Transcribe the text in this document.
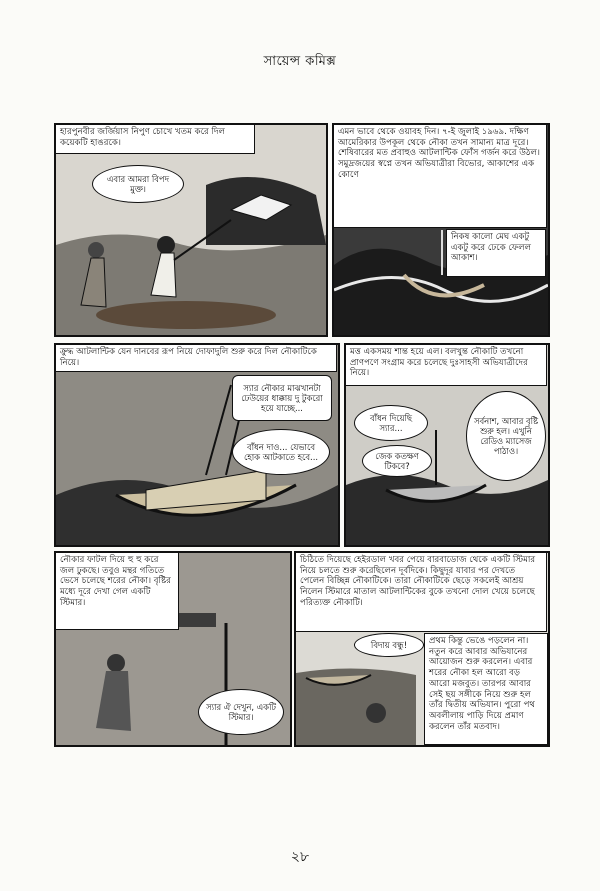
সায়েন্স কমিক্স
হারপুনবীর জর্জিয়াস নিপুণ চোখে খতম করে দিল কয়েকটি হাঙরকে।
এবার আমরা বিপদ মুক্ত।
এমন ভাবে থেকে ওয়াবহ দিন। ৭-ই জুলাই ১৯৬৯. দক্ষিণ আমেরিকার উপকূল থেকে নৌকা তখন সামান্য মাত্র দূরে। শেষিবারের মত প্রবাহুও আটলান্টিক ফোঁস গর্জন করে উঠল। সমুদ্রজয়ের স্বপ্নে তখন অভিযাত্রীরা বিভোর, আকাশের এক কোণে
নিকষ কালো মেঘ একটু একটু করে ঢেকে ফেলল আকাশ।
ক্রুদ্ধ আটলান্টিক যেন দানবের রূপ নিয়ে দোফাদুলি শুরু করে দিল নৌকাটিকে নিয়ে।
স্যার নৌকার মাঝখানটা ঢেউয়ের ধাক্কায় দু টুকরো হয়ে যাচ্ছে...
বাঁধন দাও... যেভাবে হোক আটকাতে হবে...
মত্ত একসময় শান্ত হয়ে এল। বলখুন্ত নৌকাটি তখনো প্রাণপণে সংগ্রাম করে চলেছে দুঃসাহসী অভিযাত্রীদের নিয়ে।
বাঁধন দিয়েছি স্যার...
জেক কতক্ষণ টিকবে?
সর্বনাশ, আবার বৃষ্টি শুরু হল। এখুনি রেডিও ম্যাসেজ পাঠাও।
নৌকার ফাটল দিয়ে হু হু করে জল ঢুকছে। তবুও মন্থর গতিতে ভেসে চলেছে শরের নৌকা। বৃষ্টির মধ্যে দূরে দেখা গেল একটি স্টিমার।
স্যার ঐ দেখুন, একটি স্টিমার।
চিঠিতে দিয়েছে হেইরডাল খবর পেয়ে বারবাডোজ থেকে একটি স্টিমার নিয়ে চলতে শুরু করেছিলেন দূর্বদিকে। কিছুদূর যাবার পর দেখতে পেলেন বিচ্ছিন্ন নৌকাটিকে। তারা নৌকাটিকে ছেড়ে সকলেই আশ্রয় নিলেন স্টিমারে মাতাল আটলান্টিকের বুকে তখনো দোল খেয়ে চলেছে পরিত্যক্ত নৌকাটি।
বিদায় বন্ধু!	প্রথম কিন্তু ভেঙে পড়লেন না। নতুন করে আবার অভিযানের আয়োজন শুরু করলেন। এবার শরের নৌকা হল আরো বড় আরো মজবুত। তারপর আবার সেই ছয় সঙ্গীকে নিয়ে শুরু হল তাঁর দ্বিতীয় অভিযান। পুরো পথ অবলীলায় পাড়ি দিয়ে প্রমাণ করলেন তাঁর মতবাদ।
২৮
